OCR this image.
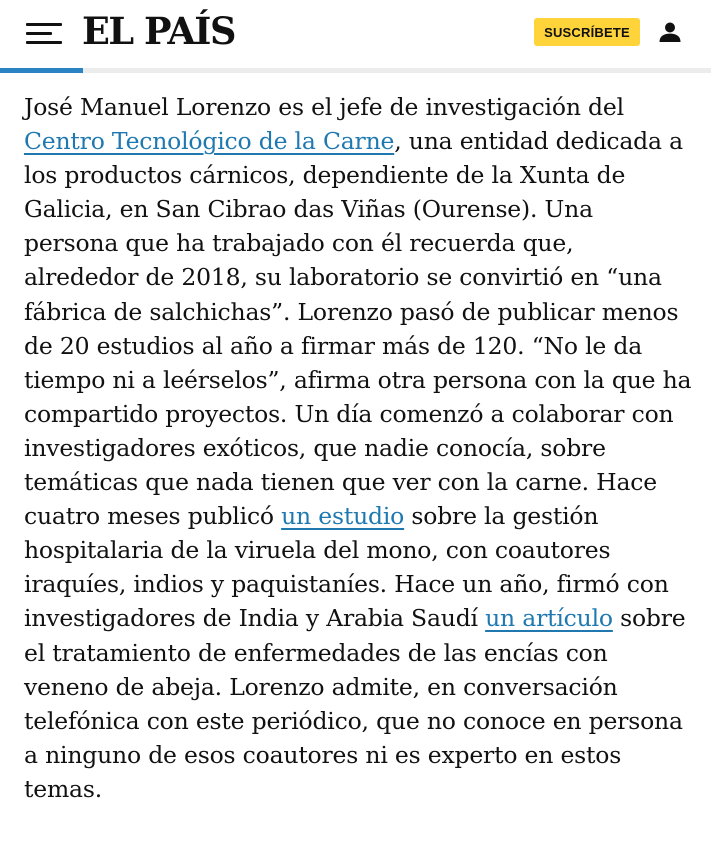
EL PAÍS	SUSCRÍBETE

José Manuel Lorenzo es el jefe de investigación del Centro Tecnológico de la Carne, una entidad dedicada a los productos cárnicos, dependiente de la Xunta de Galicia, en San Cibrao das Viñas (Ourense). Una persona que ha trabajado con él recuerda que, alrededor de 2018, su laboratorio se convirtió en “una fábrica de salchichas”. Lorenzo pasó de publicar menos de 20 estudios al año a firmar más de 120. “No le da tiempo ni a leérselos”, afirma otra persona con la que ha compartido proyectos. Un día comenzó a colaborar con investigadores exóticos, que nadie conocía, sobre temáticas que nada tienen que ver con la carne. Hace cuatro meses publicó un estudio sobre la gestión hospitalaria de la viruela del mono, con coautores iraquíes, indios y paquistaníes. Hace un año, firmó con investigadores de India y Arabia Saudí un artículo sobre el tratamiento de enfermedades de las encías con veneno de abeja. Lorenzo admite, en conversación telefónica con este periódico, que no conoce en persona a ninguno de esos coautores ni es experto en estos temas.
